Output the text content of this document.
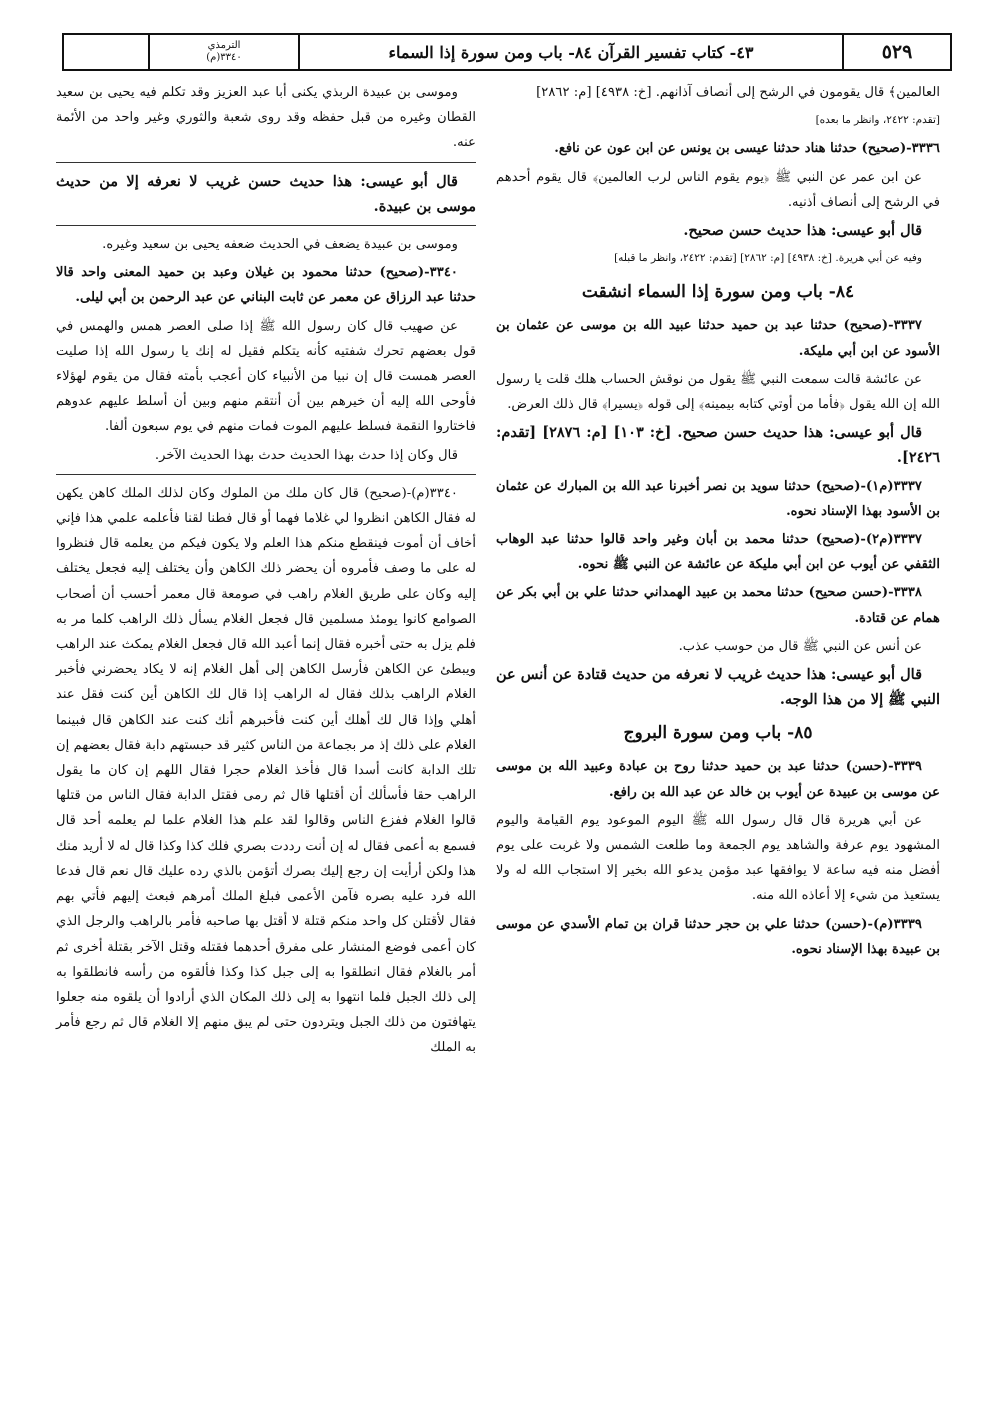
٥٢٩
٤٣- كتاب تفسير القرآن ٨٤- باب ومن سورة إذا السماء
الترمذي
٣٣٤٠(م)

العالمين﴾ قال يقومون في الرشح إلى أنصاف آذانهم. [خ: ٤٩٣٨] [م: ٢٨٦٢]

[تقدم: ٢٤٢٢، وانظر ما بعده]

٣٣٣٦-(صحيح) حدثنا هناد حدثنا عيسى بن يونس عن ابن عون عن نافع.

عن ابن عمر عن النبي ﷺ ﴿يوم يقوم الناس لرب العالمين﴾ قال يقوم أحدهم في الرشح إلى أنصاف أذنيه.

قال أبو عيسى: هذا حديث حسن صحيح.

وفيه عن أبي هريرة. [خ: ٤٩٣٨] [م: ٢٨٦٢] [تقدم: ٢٤٢٢، وانظر ما قبله]

٨٤- باب ومن سورة إذا السماء انشقت

٣٣٣٧-(صحيح) حدثنا عبد بن حميد حدثنا عبيد الله بن موسى عن عثمان بن الأسود عن ابن أبي مليكة.

عن عائشة قالت سمعت النبي ﷺ يقول من نوقش الحساب هلك قلت يا رسول الله إن الله يقول ﴿فأما من أوتي كتابه بيمينه﴾ إلى قوله ﴿يسيرا﴾ قال ذلك العرض.

قال أبو عيسى: هذا حديث حسن صحيح. [خ: ١٠٣] [م: ٢٨٧٦] [تقدم: ٢٤٢٦].

٣٣٣٧(م١)-(صحيح) حدثنا سويد بن نصر أخبرنا عبد الله بن المبارك عن عثمان بن الأسود بهذا الإسناد نحوه.

٣٣٣٧(م٢)-(صحيح) حدثنا محمد بن أبان وغير واحد قالوا حدثنا عبد الوهاب الثقفي عن أيوب عن ابن أبي مليكة عن عائشة عن النبي ﷺ نحوه.

٣٣٣٨-(حسن صحيح) حدثنا محمد بن عبيد الهمداني حدثنا علي بن أبي بكر عن همام عن قتادة.

عن أنس عن النبي ﷺ قال من حوسب عذب.

قال أبو عيسى: هذا حديث غريب لا نعرفه من حديث قتادة عن أنس عن النبي ﷺ إلا من هذا الوجه.

٨٥- باب ومن سورة البروج

٣٣٣٩-(حسن) حدثنا عبد بن حميد حدثنا روح بن عبادة وعبيد الله بن موسى عن موسى بن عبيدة عن أيوب بن خالد عن عبد الله بن رافع.

عن أبي هريرة قال قال رسول الله ﷺ اليوم الموعود يوم القيامة واليوم المشهود يوم عرفة والشاهد يوم الجمعة وما طلعت الشمس ولا غربت على يوم أفضل منه فيه ساعة لا يوافقها عبد مؤمن يدعو الله بخير إلا استجاب الله له ولا يستعيذ من شيء إلا أعاذه الله منه.

٣٣٣٩(م)-(حسن) حدثنا علي بن حجر حدثنا قران بن تمام الأسدي عن موسى بن عبيدة بهذا الإسناد نحوه.

وموسى بن عبيدة الربذي يكنى أبا عبد العزيز وقد تكلم فيه يحيى بن سعيد القطان وغيره من قبل حفظه وقد روى شعبة والثوري وغير واحد من الأئمة عنه.

قال أبو عيسى: هذا حديث حسن غريب لا نعرفه إلا من حديث موسى بن عبيدة.

وموسى بن عبيدة يضعف في الحديث ضعفه يحيى بن سعيد وغيره.

٣٣٤٠-(صحيح) حدثنا محمود بن غيلان وعبد بن حميد المعنى واحد قالا حدثنا عبد الرزاق عن معمر عن ثابت البناني عن عبد الرحمن بن أبي ليلى.

عن صهيب قال كان رسول الله ﷺ إذا صلى العصر همس والهمس في قول بعضهم تحرك شفتيه كأنه يتكلم فقيل له إنك يا رسول الله إذا صليت العصر همست قال إن نبيا من الأنبياء كان أعجب بأمته فقال من يقوم لهؤلاء فأوحى الله إليه أن خيرهم بين أن أنتقم منهم وبين أن أسلط عليهم عدوهم فاختاروا النقمة فسلط عليهم الموت فمات منهم في يوم سبعون ألفا.

قال وكان إذا حدث بهذا الحديث حدث بهذا الحديث الآخر.

٣٣٤٠(م)-(صحيح) قال كان ملك من الملوك وكان لذلك الملك كاهن يكهن له فقال الكاهن انظروا لي غلاما فهما أو قال فطنا لقنا فأعلمه علمي هذا فإني أخاف أن أموت فينقطع منكم هذا العلم ولا يكون فيكم من يعلمه قال فنظروا له على ما وصف فأمروه أن يحضر ذلك الكاهن وأن يختلف إليه فجعل يختلف إليه وكان على طريق الغلام راهب في صومعة قال معمر أحسب أن أصحاب الصوامع كانوا يومئذ مسلمين قال فجعل الغلام يسأل ذلك الراهب كلما مر به فلم يزل به حتى أخبره فقال إنما أعبد الله قال فجعل الغلام يمكث عند الراهب ويبطئ عن الكاهن فأرسل الكاهن إلى أهل الغلام إنه لا يكاد يحضرني فأخبر الغلام الراهب بذلك فقال له الراهب إذا قال لك الكاهن أين كنت فقل عند أهلي وإذا قال لك أهلك أين كنت فأخبرهم أنك كنت عند الكاهن قال فبينما الغلام على ذلك إذ مر بجماعة من الناس كثير قد حبستهم دابة فقال بعضهم إن تلك الدابة كانت أسدا قال فأخذ الغلام حجرا فقال اللهم إن كان ما يقول الراهب حقا فأسألك أن أقتلها قال ثم رمى فقتل الدابة فقال الناس من قتلها قالوا الغلام ففزع الناس وقالوا لقد علم هذا الغلام علما لم يعلمه أحد قال فسمع به أعمى فقال له إن أنت رددت بصري فلك كذا وكذا قال له لا أريد منك هذا ولكن أرأيت إن رجع إليك بصرك أتؤمن بالذي رده عليك قال نعم قال فدعا الله فرد عليه بصره فآمن الأعمى فبلغ الملك أمرهم فبعث إليهم فأتي بهم فقال لأقتلن كل واحد منكم قتلة لا أقتل بها صاحبه فأمر بالراهب والرجل الذي كان أعمى فوضع المنشار على مفرق أحدهما فقتله وقتل الآخر بقتلة أخرى ثم أمر بالغلام فقال انطلقوا به إلى جبل كذا وكذا فألقوه من رأسه فانطلقوا به إلى ذلك الجبل فلما انتهوا به إلى ذلك المكان الذي أرادوا أن يلقوه منه جعلوا يتهافتون من ذلك الجبل ويتردون حتى لم يبق منهم إلا الغلام قال ثم رجع فأمر به الملك
